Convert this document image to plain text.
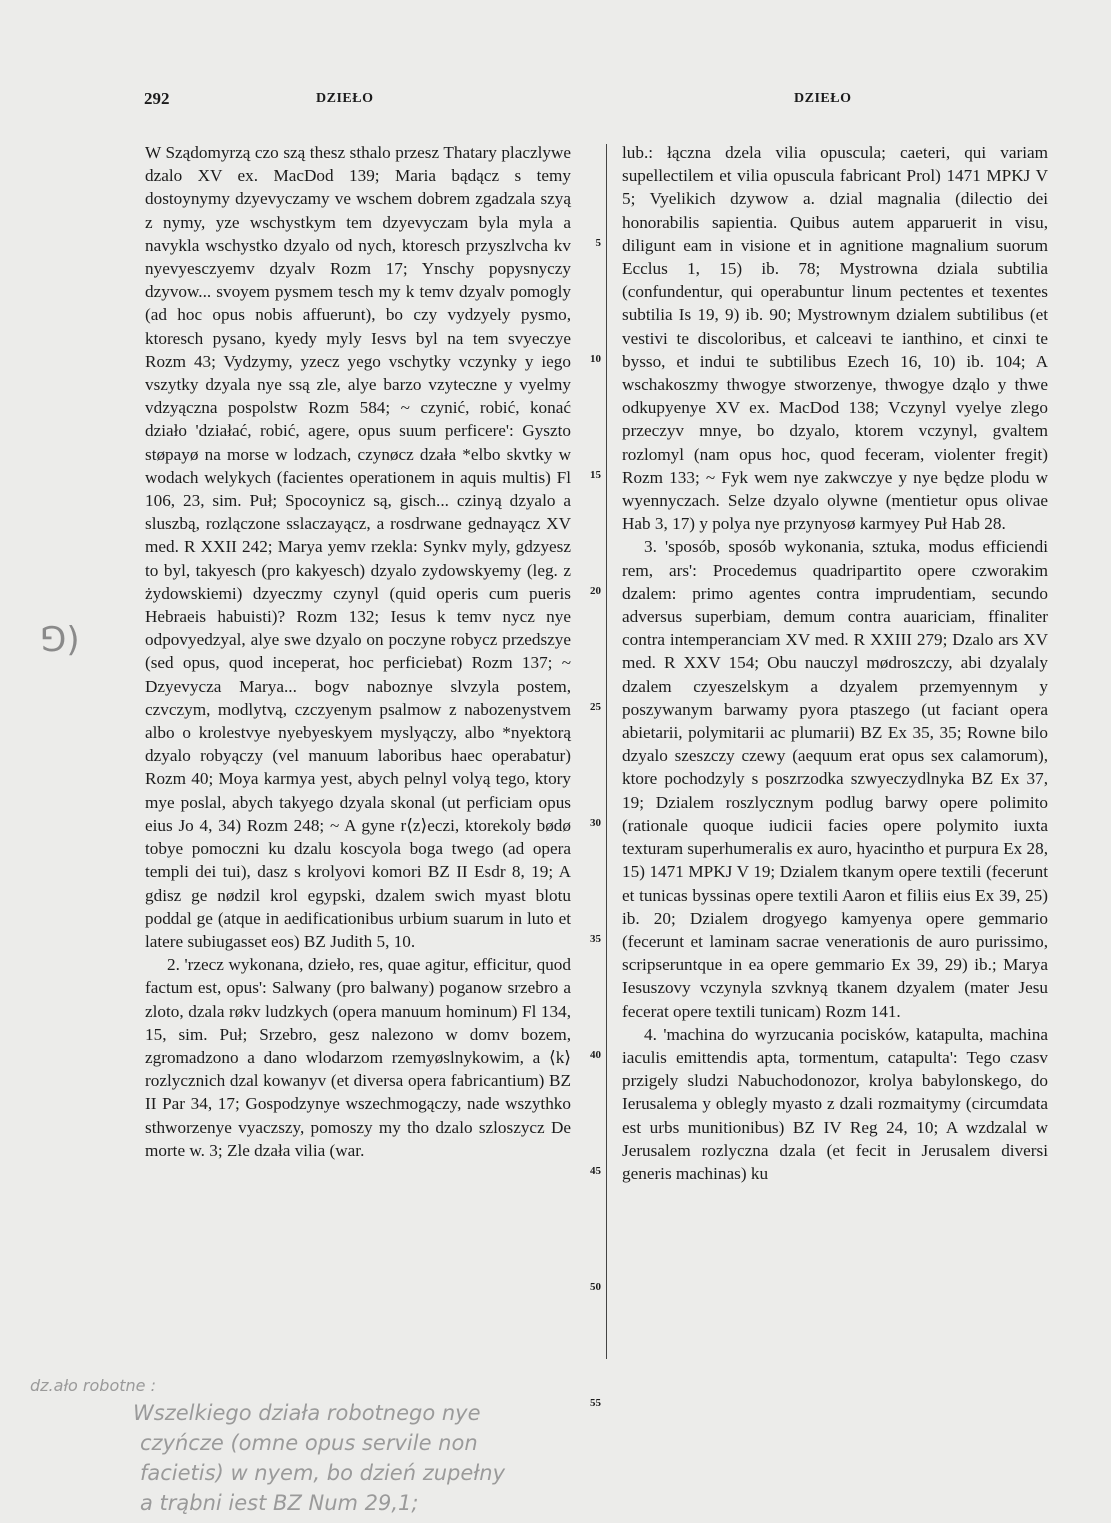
292	DZIEŁO	DZIEŁO

W Sządomyrzą czo szą thesz sthalo przesz Thatary placzlywe dzalo XV ex. MacDod 139; Maria bądącz s temy dostoynymy dzyevyczamy ve wschem dobrem zgadzala szyą z nymy, yze wschystkym tem dzyevyczam byla myla a navykla wschystko dzyalo od nych, ktoresch przyszlvcha kv nyevyesczyemv dzyalv Rozm 17; Ynschy popysnyczy dzyvow... svoyem pysmem tesch my k temv dzyalv pomogly (ad hoc opus nobis affuerunt), bo czy vydzyely pysmo, ktoresch pysano, kyedy myly Iesvs byl na tem svyeczye Rozm 43; Vydzymy, yzecz yego vschytky vczynky y iego vszytky dzyala nye ssą zle, alye barzo vzyteczne y vyelmy vdzyączna pospolstw Rozm 584; ~ czynić, robić, konać działo 'działać, robić, agere, opus suum perficere': Gyszto støpayø na morse w lodzach, czynøcz dzała *elbo skvtky w wodach welykych (facientes operationem in aquis multis) Fl 106, 23, sim. Puł; Spocoynicz są, gisch... czinyą dzyalo a sluszbą, rozlączone sslaczayącz, a rosdrwane gednayącz XV med. R XXII 242; Marya yemv rzekla: Synkv myly, gdzyesz to byl, takyesch (pro kakyesch) dzyalo zydowskyemy (leg. z żydowskiemi) dzyeczmy czynyl (quid operis cum pueris Hebraeis habuisti)? Rozm 132; Iesus k temv nycz nye odpovyedzyal, alye swe dzyalo on poczyne robycz przedszye (sed opus, quod inceperat, hoc perficiebat) Rozm 137; ~ Dzyevycza Marya... bogv naboznye slvzyla postem, czvczym, modlytvą, czczyenym psalmow z nabozenystvem albo o krolestvye nyebyeskyem myslyączy, albo *nyektorą dzyalo robyączy (vel manuum laboribus haec operabatur) Rozm 40; Moya karmya yest, abych pelnyl volyą tego, ktory mye poslal, abych takyego dzyala skonal (ut perficiam opus eius Jo 4, 34) Rozm 248; ~ A gyne r⟨z⟩eczi, ktorekoly bødø tobye pomoczni ku dzalu koscyola boga twego (ad opera templi dei tui), dasz s krolyovi komori BZ II Esdr 8, 19; A gdisz ge nødzil krol egypski, dzalem swich myast blotu poddal ge (atque in aedificationibus urbium suarum in luto et latere subiugasset eos) BZ Judith 5, 10.

2. 'rzecz wykonana, dzieło, res, quae agitur, efficitur, quod factum est, opus': Salwany (pro balwany) poganow srzebro a zloto, dzala røkv ludzkych (opera manuum hominum) Fl 134, 15, sim. Puł; Srzebro, gesz nalezono w domv bozem, zgromadzono a dano wlodarzom rzemyøslnykowim, a ⟨k⟩ rozlycznich dzal kowanyv (et diversa opera fabricantium) BZ II Par 34, 17; Gospodzynye wszechmogączy, nade wszythko sthworzenye vyaczszy, pomoszy my tho dzalo szloszycz De morte w. 3; Zle dzała vilia (war.

5
10
15
20
25
30
35
40
45
50
55

lub.: łączna dzela vilia opuscula; caeteri, qui variam supellectilem et vilia opuscula fabricant Prol) 1471 MPKJ V 5; Vyelikich dzywow a. dzial magnalia (dilectio dei honorabilis sapientia. Quibus autem apparuerit in visu, diligunt eam in visione et in agnitione magnalium suorum Ecclus 1, 15) ib. 78; Mystrowna dziala subtilia (confundentur, qui operabuntur linum pectentes et texentes subtilia Is 19, 9) ib. 90; Mystrownym dzialem subtilibus (et vestivi te discoloribus, et calceavi te ianthino, et cinxi te bysso, et indui te subtilibus Ezech 16, 10) ib. 104; A wschakoszmy thwogye stworzenye, thwogye dząlo y thwe odkupyenye XV ex. MacDod 138; Vczynyl vyelye zlego przeczyv mnye, bo dzyalo, ktorem vczynyl, gvaltem rozlomyl (nam opus hoc, quod feceram, violenter fregit) Rozm 133; ~ Fyk wem nye zakwczye y nye będze plodu w wyennyczach. Selze dzyalo olywne (mentietur opus olivae Hab 3, 17) y polya nye przynyosø karmyey Puł Hab 28.

3. 'sposób, sposób wykonania, sztuka, modus efficiendi rem, ars': Procedemus quadripartito opere czworakim dzalem: primo agentes contra imprudentiam, secundo adversus superbiam, demum contra auariciam, ffinaliter contra intemperanciam XV med. R XXIII 279; Dzalo ars XV med. R XXV 154; Obu nauczyl mødroszczy, abi dzyalaly dzalem czyeszelskym a dzyalem przemyennym y poszywanym barwamy pyora ptaszego (ut faciant opera abietarii, polymitarii ac plumarii) BZ Ex 35, 35; Rowne bilo dzyalo szeszczy czewy (aequum erat opus sex calamorum), ktore pochodzyly s poszrzodka szwyeczydlnyka BZ Ex 37, 19; Dzialem roszlycznym podlug barwy opere polimito (rationale quoque iudicii facies opere polymito iuxta texturam superhumeralis ex auro, hyacintho et purpura Ex 28, 15) 1471 MPKJ V 19; Dzialem tkanym opere textili (fecerunt et tunicas byssinas opere textili Aaron et filiis eius Ex 39, 25) ib. 20; Dzialem drogyego kamyenya opere gemmario (fecerunt et laminam sacrae venerationis de auro purissimo, scripseruntque in ea opere gemmario Ex 39, 29) ib.; Marya Iesuszovy vczynyla szvknyą tkanem dzyalem (mater Jesu fecerat opere textili tunicam) Rozm 141.

4. 'machina do wyrzucania pocisków, katapulta, machina iaculis emittendis apta, tormentum, catapulta': Tego czasv przigely sludzi Nabuchodonozor, krolya babylonskego, do Ierusalema y oblegly myasto z dzali rozmaitymy (circumdata est urbs munitionibus) BZ IV Reg 24, 10; A wzdzalal w Jerusalem rozlyczna dzala (et fecit in Jerusalem diversi generis machinas) ku

⅁)
dz.ało robotne :
Wszelkiego działa robotnego nye
czyńcze (omne opus servile non
facietis) w nyem, bo dzień zupełny
a trąbni iest BZ Num 29,1;
